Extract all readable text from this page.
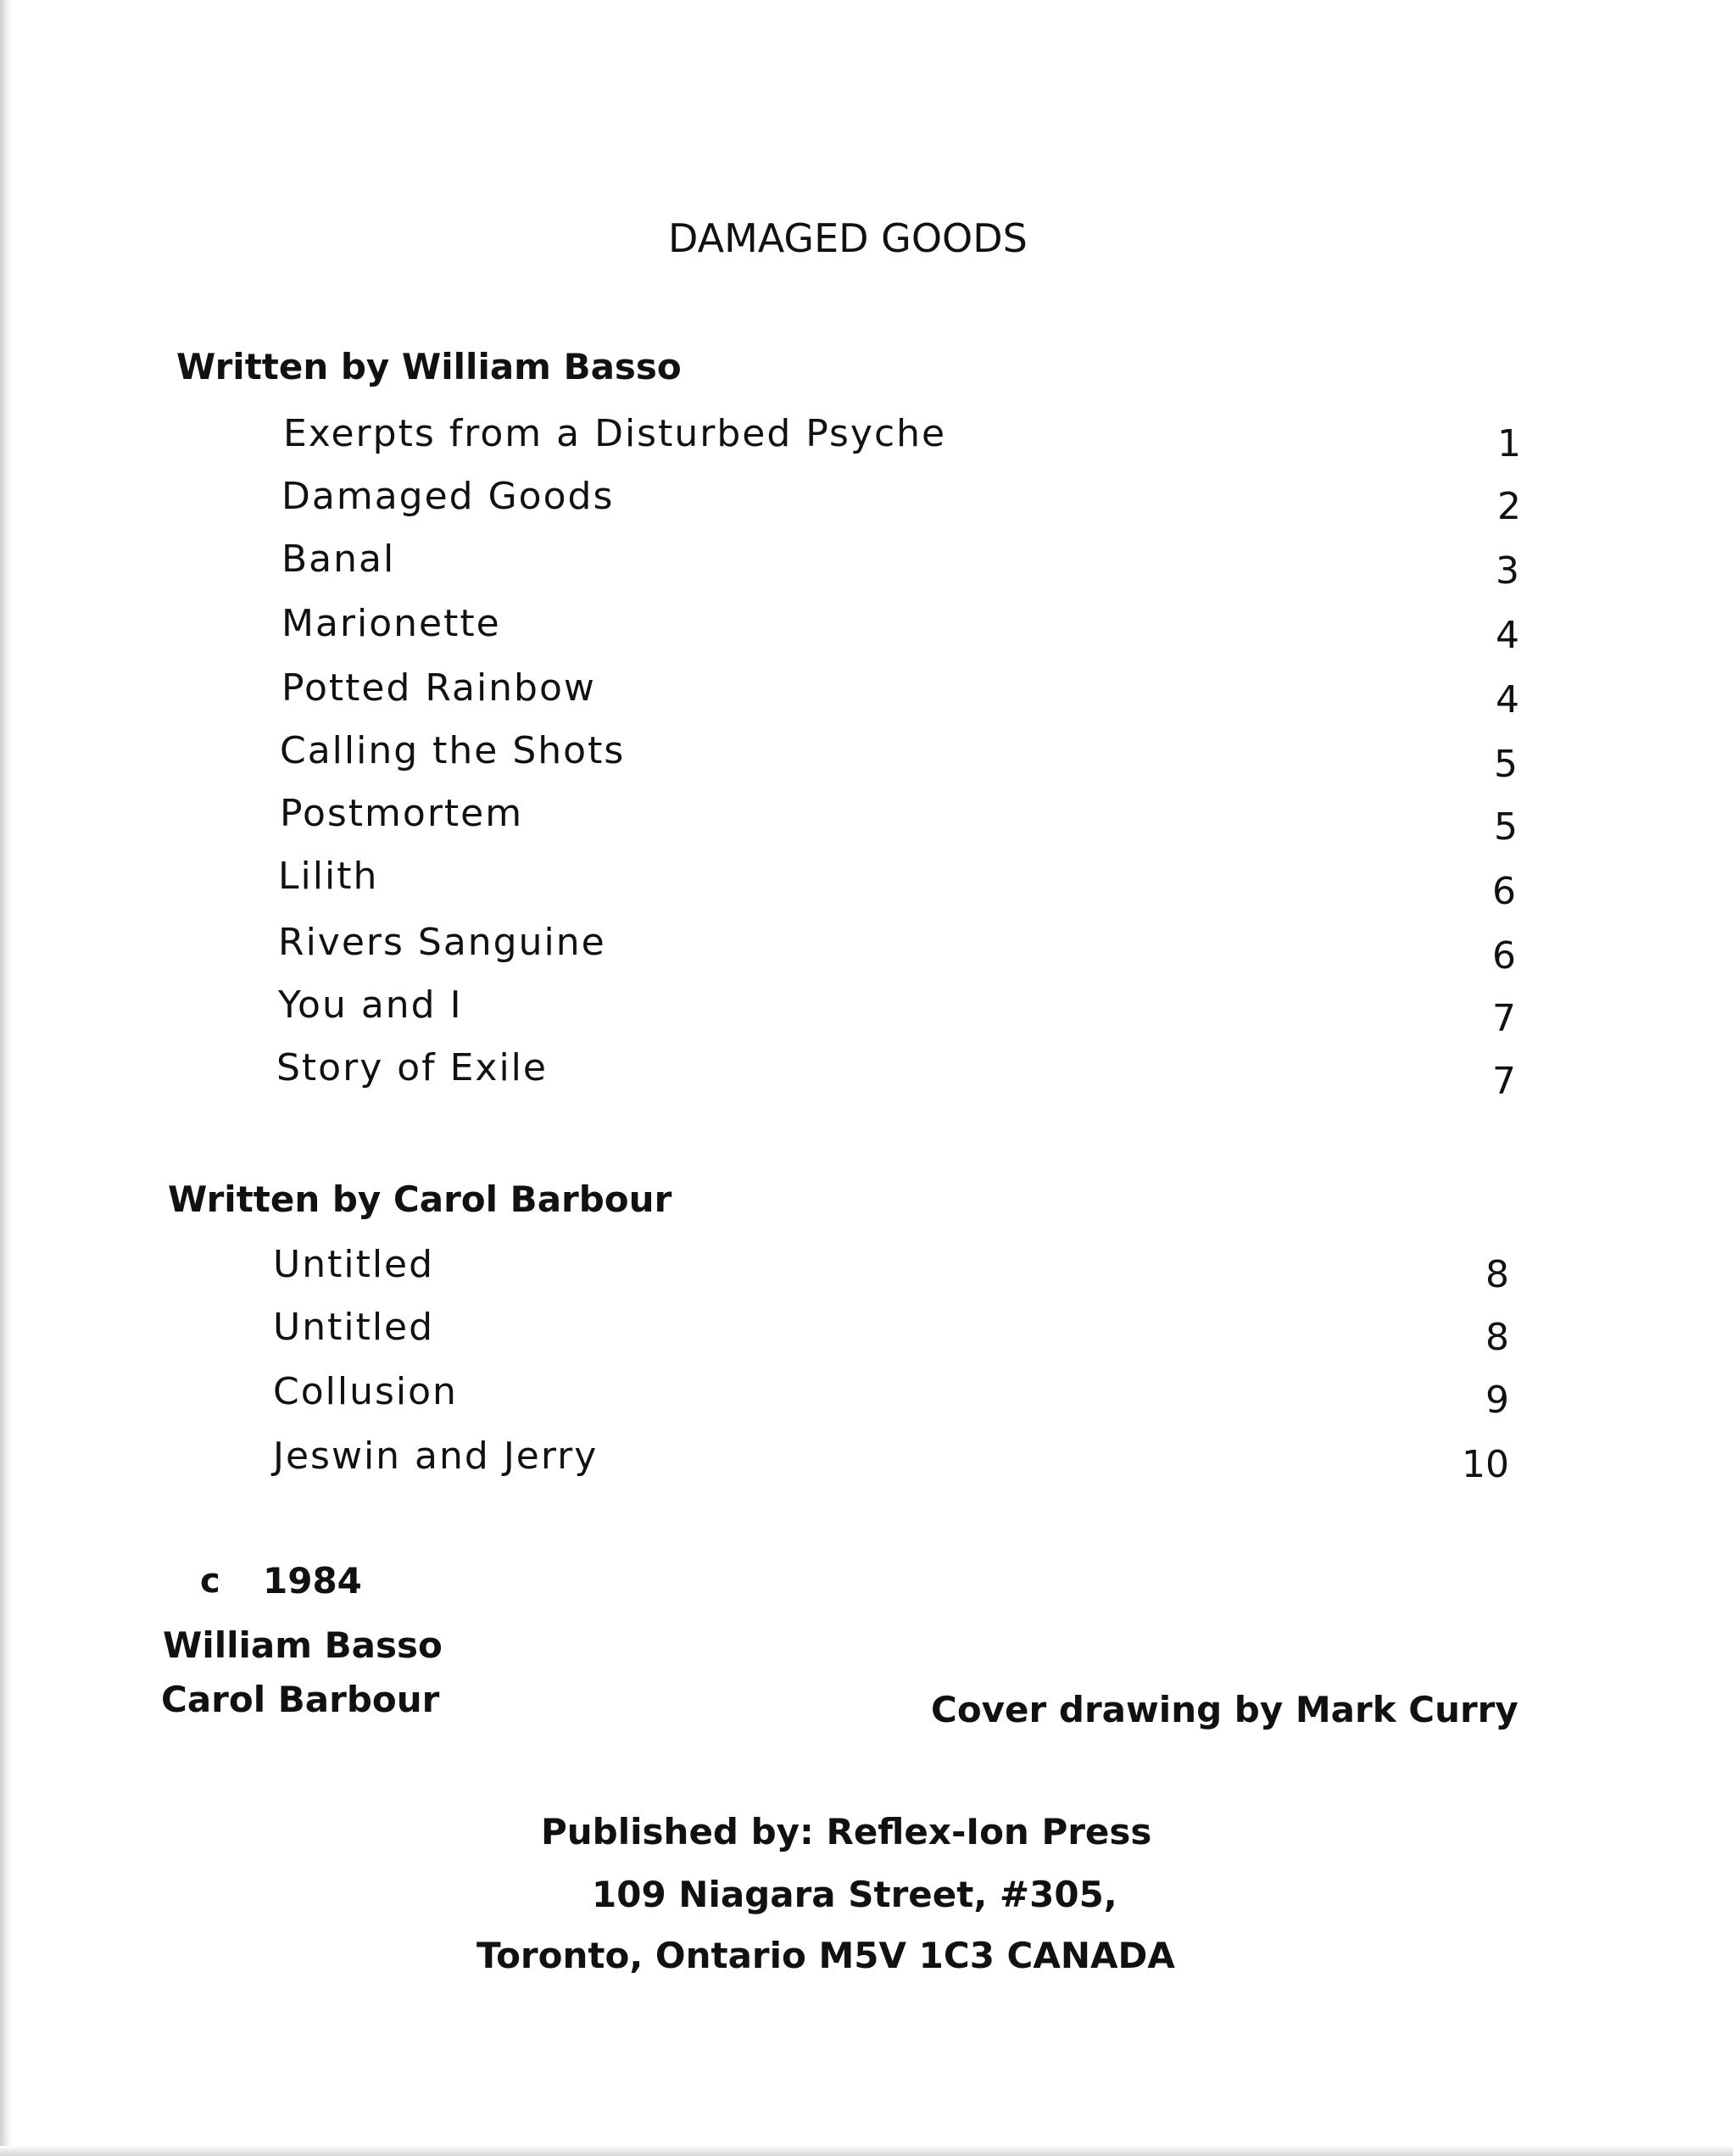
DAMAGED GOODS
Written by William Basso
Exerpts from a Disturbed Psyche	1
Damaged Goods	2
Banal	3
Marionette	4
Potted Rainbow	4
Calling the Shots	5
Postmortem	5
Lilith	6
Rivers Sanguine	6
You and I	7
Story of Exile	7
Written by Carol Barbour
Untitled	8
Untitled	8
Collusion	9
Jeswin and Jerry	10
c 1984
William Basso
Carol Barbour	Cover drawing by Mark Curry
Published by: Reflex-Ion Press
109 Niagara Street, #305,
Toronto, Ontario M5V 1C3 CANADA
